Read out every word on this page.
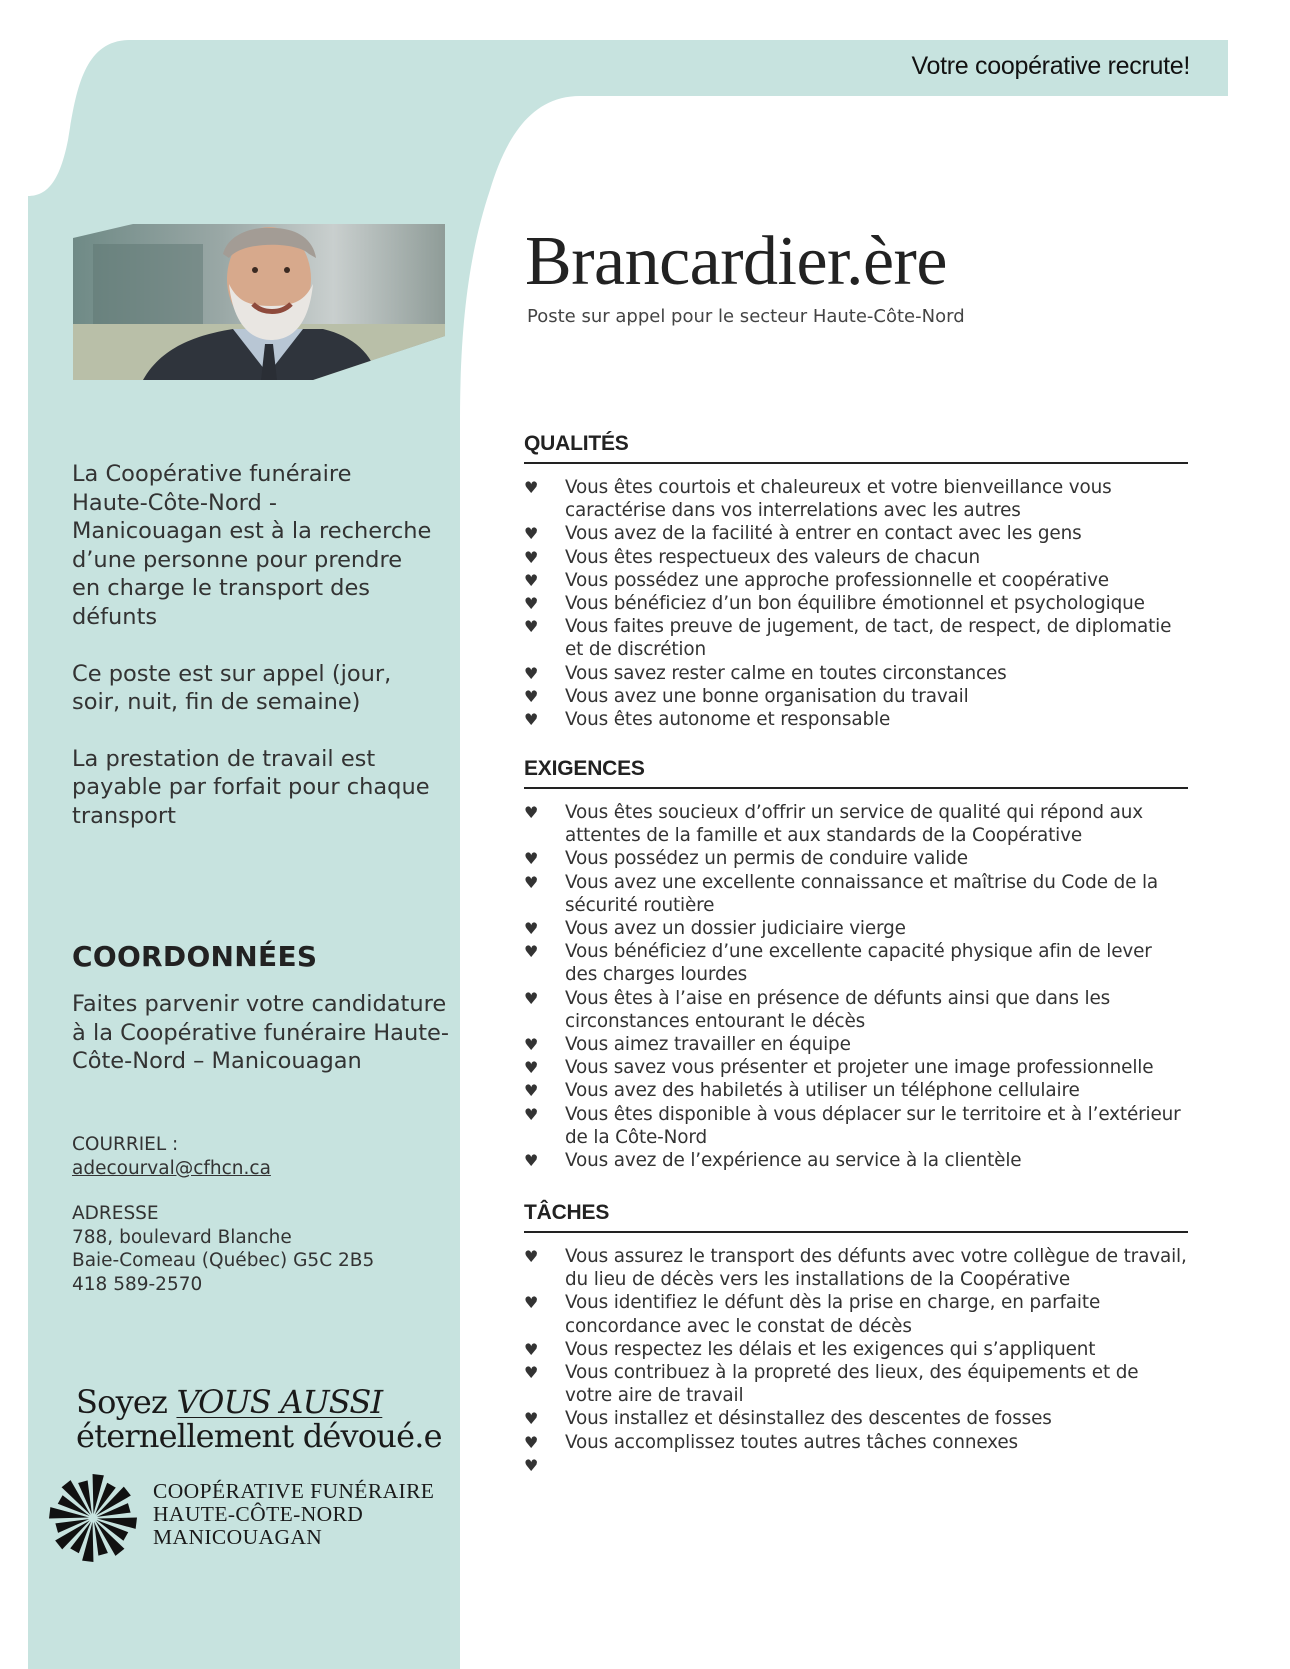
Votre coopérative recrute!

La Coopérative funéraire Haute-Côte-Nord - Manicouagan est à la recherche d’une personne pour prendre en charge le transport des défunts

Ce poste est sur appel (jour, soir, nuit, fin de semaine)

La prestation de travail est payable par forfait pour chaque transport

COORDONNÉES
Faites parvenir votre candidature à la Coopérative funéraire Haute-Côte-Nord – Manicouagan
COURRIEL :
adecourval@cfhcn.ca
ADRESSE
788, boulevard Blanche
Baie-Comeau (Québec) G5C 2B5
418 589-2570
Soyez VOUS AUSSI
éternellement dévoué.e
COOPÉRATIVE FUNÉRAIRE
HAUTE-CÔTE-NORD
MANICOUAGAN
Brancardier.ère
Poste sur appel pour le secteur Haute-Côte-Nord
QUALITÉS
♥ Vous êtes courtois et chaleureux et votre bienveillance vous caractérise dans vos interrelations avec les autres
♥ Vous avez de la facilité à entrer en contact avec les gens
♥ Vous êtes respectueux des valeurs de chacun
♥ Vous possédez une approche professionnelle et coopérative
♥ Vous bénéficiez d’un bon équilibre émotionnel et psychologique
♥ Vous faites preuve de jugement, de tact, de respect, de diplomatie et de discrétion
♥ Vous savez rester calme en toutes circonstances
♥ Vous avez une bonne organisation du travail
♥ Vous êtes autonome et responsable
EXIGENCES
♥ Vous êtes soucieux d’offrir un service de qualité qui répond aux attentes de la famille et aux standards de la Coopérative
♥ Vous possédez un permis de conduire valide
♥ Vous avez une excellente connaissance et maîtrise du Code de la sécurité routière
♥ Vous avez un dossier judiciaire vierge
♥ Vous bénéficiez d’une excellente capacité physique afin de lever des charges lourdes
♥ Vous êtes à l’aise en présence de défunts ainsi que dans les circonstances entourant le décès
♥ Vous aimez travailler en équipe
♥ Vous savez vous présenter et projeter une image professionnelle
♥ Vous avez des habiletés à utiliser un téléphone cellulaire
♥ Vous êtes disponible à vous déplacer sur le territoire et à l’extérieur de la Côte-Nord
♥ Vous avez de l’expérience au service à la clientèle
TÂCHES
♥ Vous assurez le transport des défunts avec votre collègue de travail, du lieu de décès vers les installations de la Coopérative
♥ Vous identifiez le défunt dès la prise en charge, en parfaite concordance avec le constat de décès
♥ Vous respectez les délais et les exigences qui s’appliquent
♥ Vous contribuez à la propreté des lieux, des équipements et de votre aire de travail
♥ Vous installez et désinstallez des descentes de fosses
♥ Vous accomplissez toutes autres tâches connexes
♥
